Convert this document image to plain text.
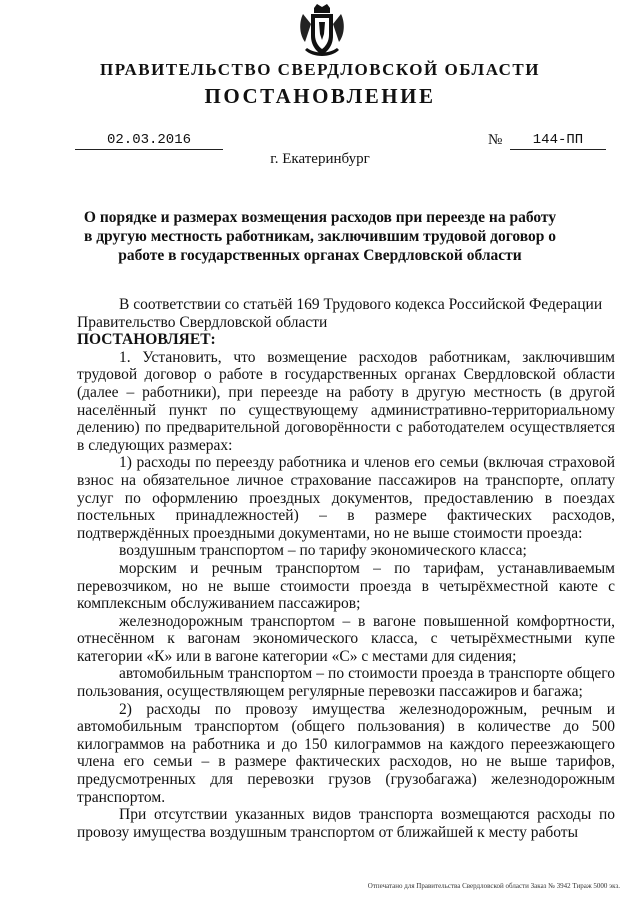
ПРАВИТЕЛЬСТВО СВЕРДЛОВСКОЙ ОБЛАСТИ
ПОСТАНОВЛЕНИЕ
02.03.2016	№	144-ПП
г. Екатеринбург
О порядке и размерах возмещения расходов при переезде на работу в другую местность работникам, заключившим трудовой договор о работе в государственных органах Свердловской области

В соответствии со статьёй 169 Трудового кодекса Российской Федерации

Правительство Свердловской области

ПОСТАНОВЛЯЕТ:

1. Установить, что возмещение расходов работникам, заключившим трудовой договор о работе в государственных органах Свердловской области (далее – работники), при переезде на работу в другую местность (в другой населённый пункт по существующему административно-территориальному делению) по предварительной договорённости с работодателем осуществляется в следующих размерах:

1) расходы по переезду работника и членов его семьи (включая страховой взнос на обязательное личное страхование пассажиров на транспорте, оплату услуг по оформлению проездных документов, предоставлению в поездах постельных принадлежностей) – в размере фактических расходов, подтверждённых проездными документами, но не выше стоимости проезда:

воздушным транспортом – по тарифу экономического класса;

морским и речным транспортом – по тарифам, устанавливаемым перевозчиком, но не выше стоимости проезда в четырёхместной каюте с комплексным обслуживанием пассажиров;

железнодорожным транспортом – в вагоне повышенной комфортности, отнесённом к вагонам экономического класса, с четырёхместными купе категории «К» или в вагоне категории «С» с местами для сидения;

автомобильным транспортом – по стоимости проезда в транспорте общего пользования, осуществляющем регулярные перевозки пассажиров и багажа;

2) расходы по провозу имущества железнодорожным, речным и автомобильным транспортом (общего пользования) в количестве до 500 килограммов на работника и до 150 килограммов на каждого переезжающего члена его семьи – в размере фактических расходов, но не выше тарифов, предусмотренных для перевозки грузов (грузобагажа) железнодорожным транспортом.

При отсутствии указанных видов транспорта возмещаются расходы по провозу имущества воздушным транспортом от ближайшей к месту работы

Отпечатано для Правительства Свердловской области Заказ № 3942 Тираж 5000 экз.
